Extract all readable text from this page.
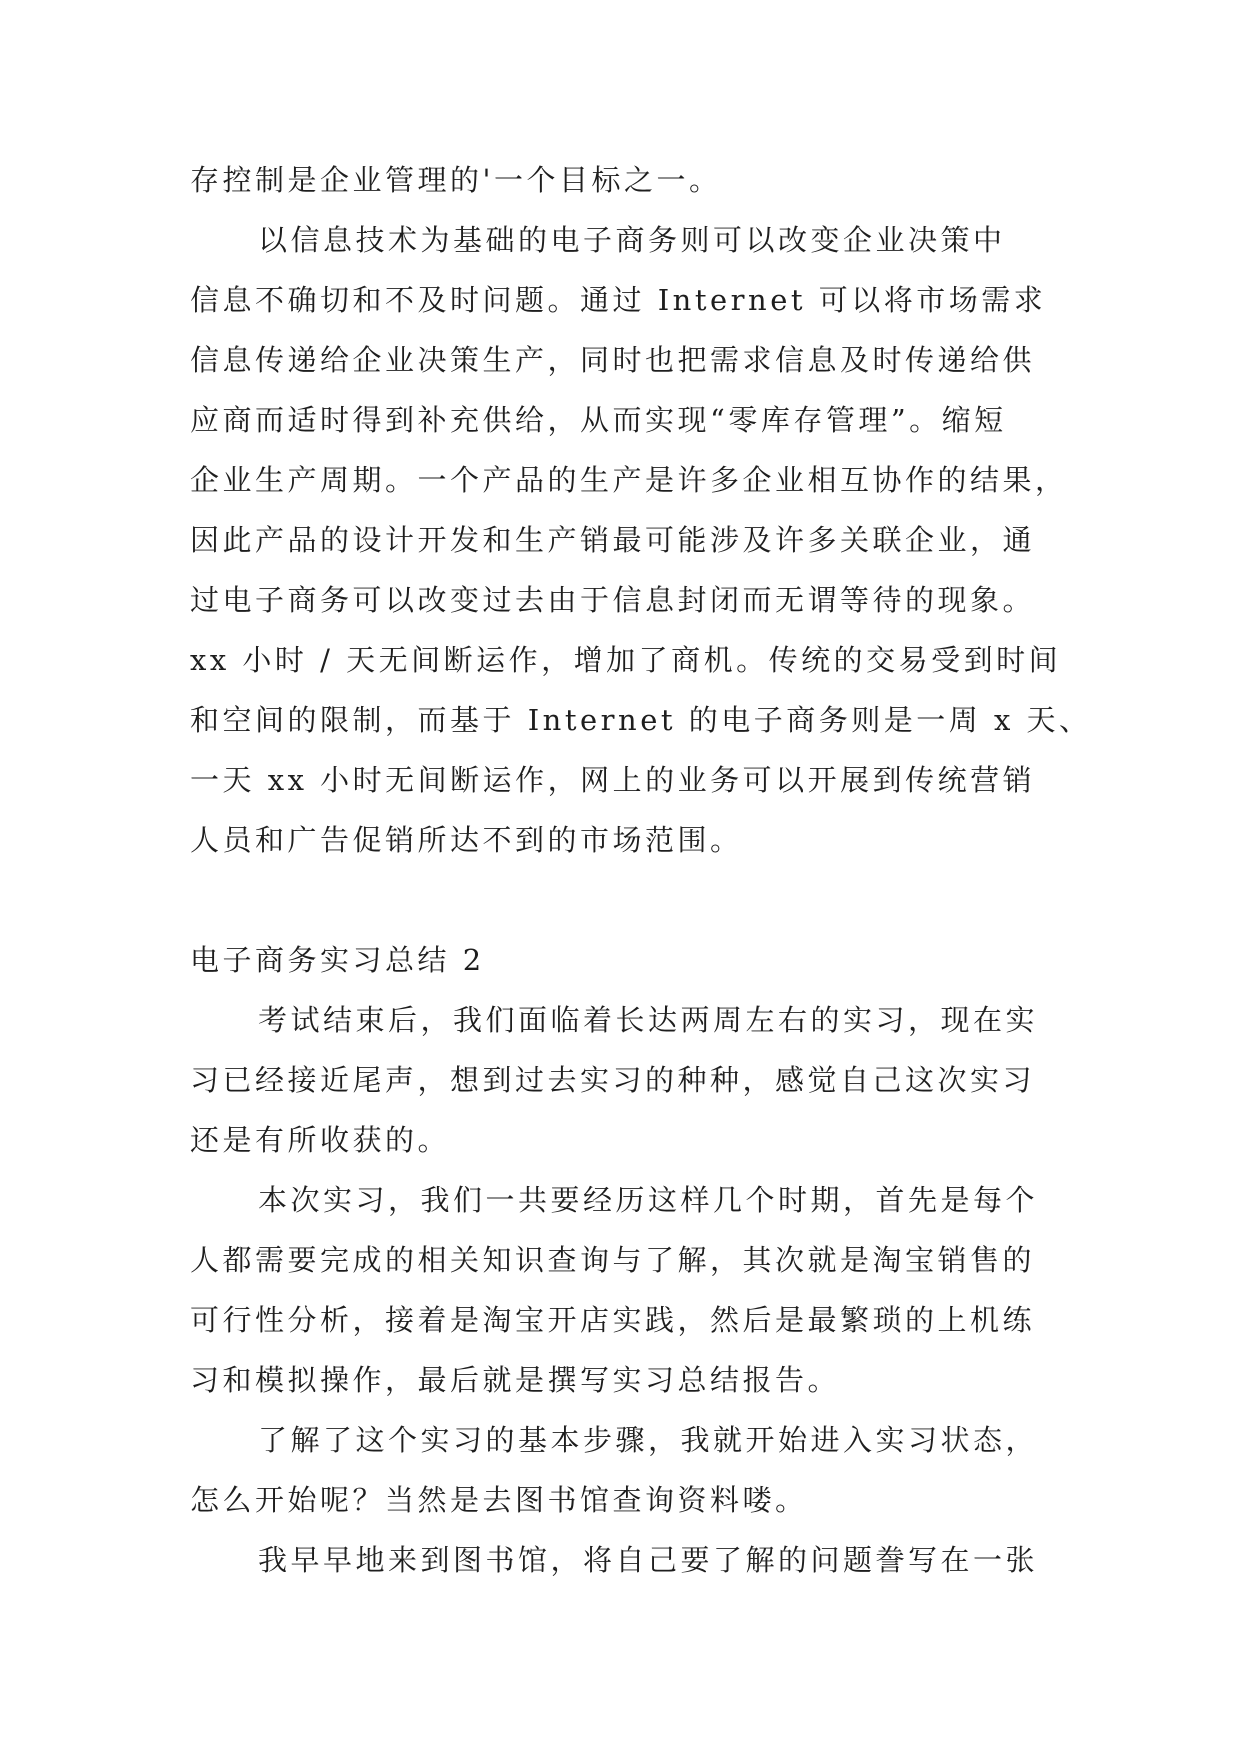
存控制是企业管理的'一个目标之一。

以信息技术为基础的电子商务则可以改变企业决策中

信息不确切和不及时问题。通过 Internet 可以将市场需求

信息传递给企业决策生产，同时也把需求信息及时传递给供

应商而适时得到补充供给，从而实现“零库存管理”。缩短

企业生产周期。一个产品的生产是许多企业相互协作的结果，

因此产品的设计开发和生产销最可能涉及许多关联企业，通

过电子商务可以改变过去由于信息封闭而无谓等待的现象。

xx 小时 / 天无间断运作，增加了商机。传统的交易受到时间

和空间的限制，而基于 Internet 的电子商务则是一周 x 天、

一天 xx 小时无间断运作，网上的业务可以开展到传统营销

人员和广告促销所达不到的市场范围。

电子商务实习总结 2

考试结束后，我们面临着长达两周左右的实习，现在实

习已经接近尾声，想到过去实习的种种，感觉自己这次实习

还是有所收获的。

本次实习，我们一共要经历这样几个时期，首先是每个

人都需要完成的相关知识查询与了解，其次就是淘宝销售的

可行性分析，接着是淘宝开店实践，然后是最繁琐的上机练

习和模拟操作，最后就是撰写实习总结报告。

了解了这个实习的基本步骤，我就开始进入实习状态，

怎么开始呢？当然是去图书馆查询资料喽。

我早早地来到图书馆，将自己要了解的问题誊写在一张
